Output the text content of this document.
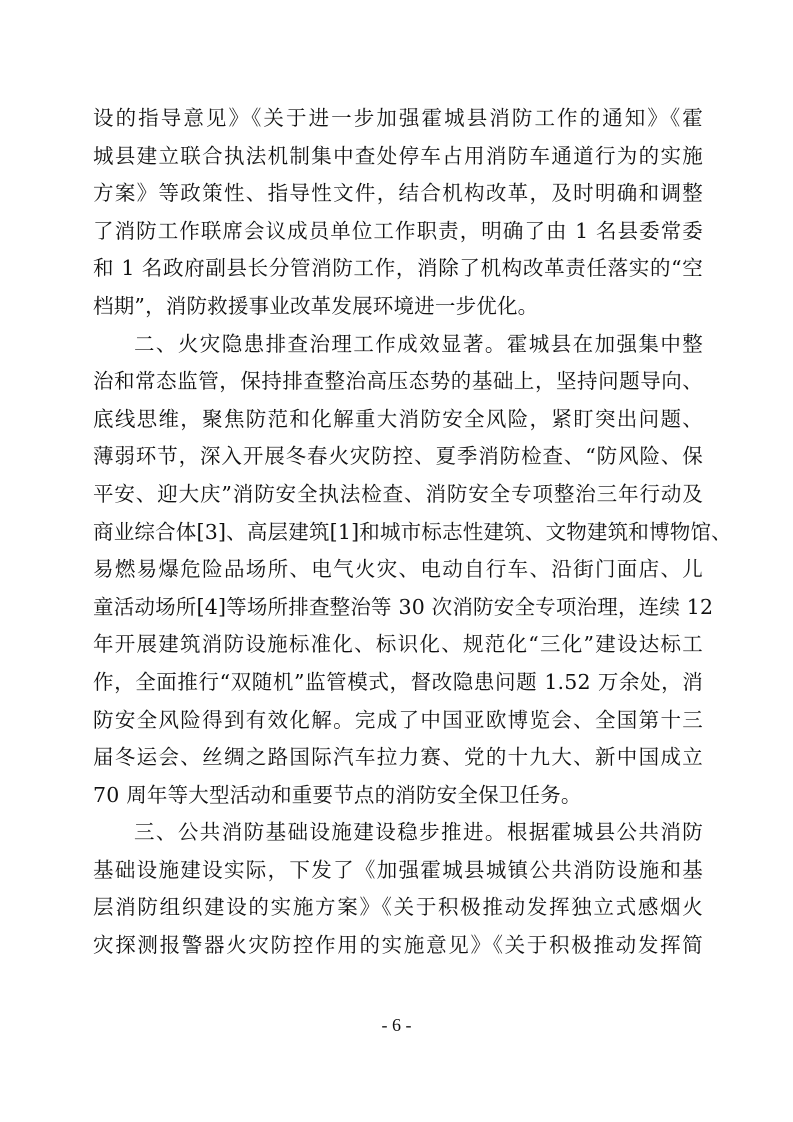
设的指导意见》《关于进一步加强霍城县消防工作的通知》《霍
城县建立联合执法机制集中查处停车占用消防车通道行为的实施
方案》等政策性、指导性文件，结合机构改革，及时明确和调整
了消防工作联席会议成员单位工作职责，明确了由 1 名县委常委
和 1 名政府副县长分管消防工作，消除了机构改革责任落实的“空
档期”，消防救援事业改革发展环境进一步优化。
二、火灾隐患排查治理工作成效显著。霍城县在加强集中整
治和常态监管，保持排查整治高压态势的基础上，坚持问题导向、
底线思维，聚焦防范和化解重大消防安全风险，紧盯突出问题、
薄弱环节，深入开展冬春火灾防控、夏季消防检查、“防风险、保
平安、迎大庆”消防安全执法检查、消防安全专项整治三年行动及
商业综合体[3]、高层建筑[1]和城市标志性建筑、文物建筑和博物馆、
易燃易爆危险品场所、电气火灾、电动自行车、沿街门面店、儿
童活动场所[4]等场所排查整治等 30 次消防安全专项治理，连续 12
年开展建筑消防设施标准化、标识化、规范化“三化”建设达标工
作，全面推行“双随机”监管模式，督改隐患问题 1.52 万余处，消
防安全风险得到有效化解。完成了中国亚欧博览会、全国第十三
届冬运会、丝绸之路国际汽车拉力赛、党的十九大、新中国成立
70 周年等大型活动和重要节点的消防安全保卫任务。
三、公共消防基础设施建设稳步推进。根据霍城县公共消防
基础设施建设实际，下发了《加强霍城县城镇公共消防设施和基
层消防组织建设的实施方案》《关于积极推动发挥独立式感烟火
灾探测报警器火灾防控作用的实施意见》《关于积极推动发挥简
- 6 -
